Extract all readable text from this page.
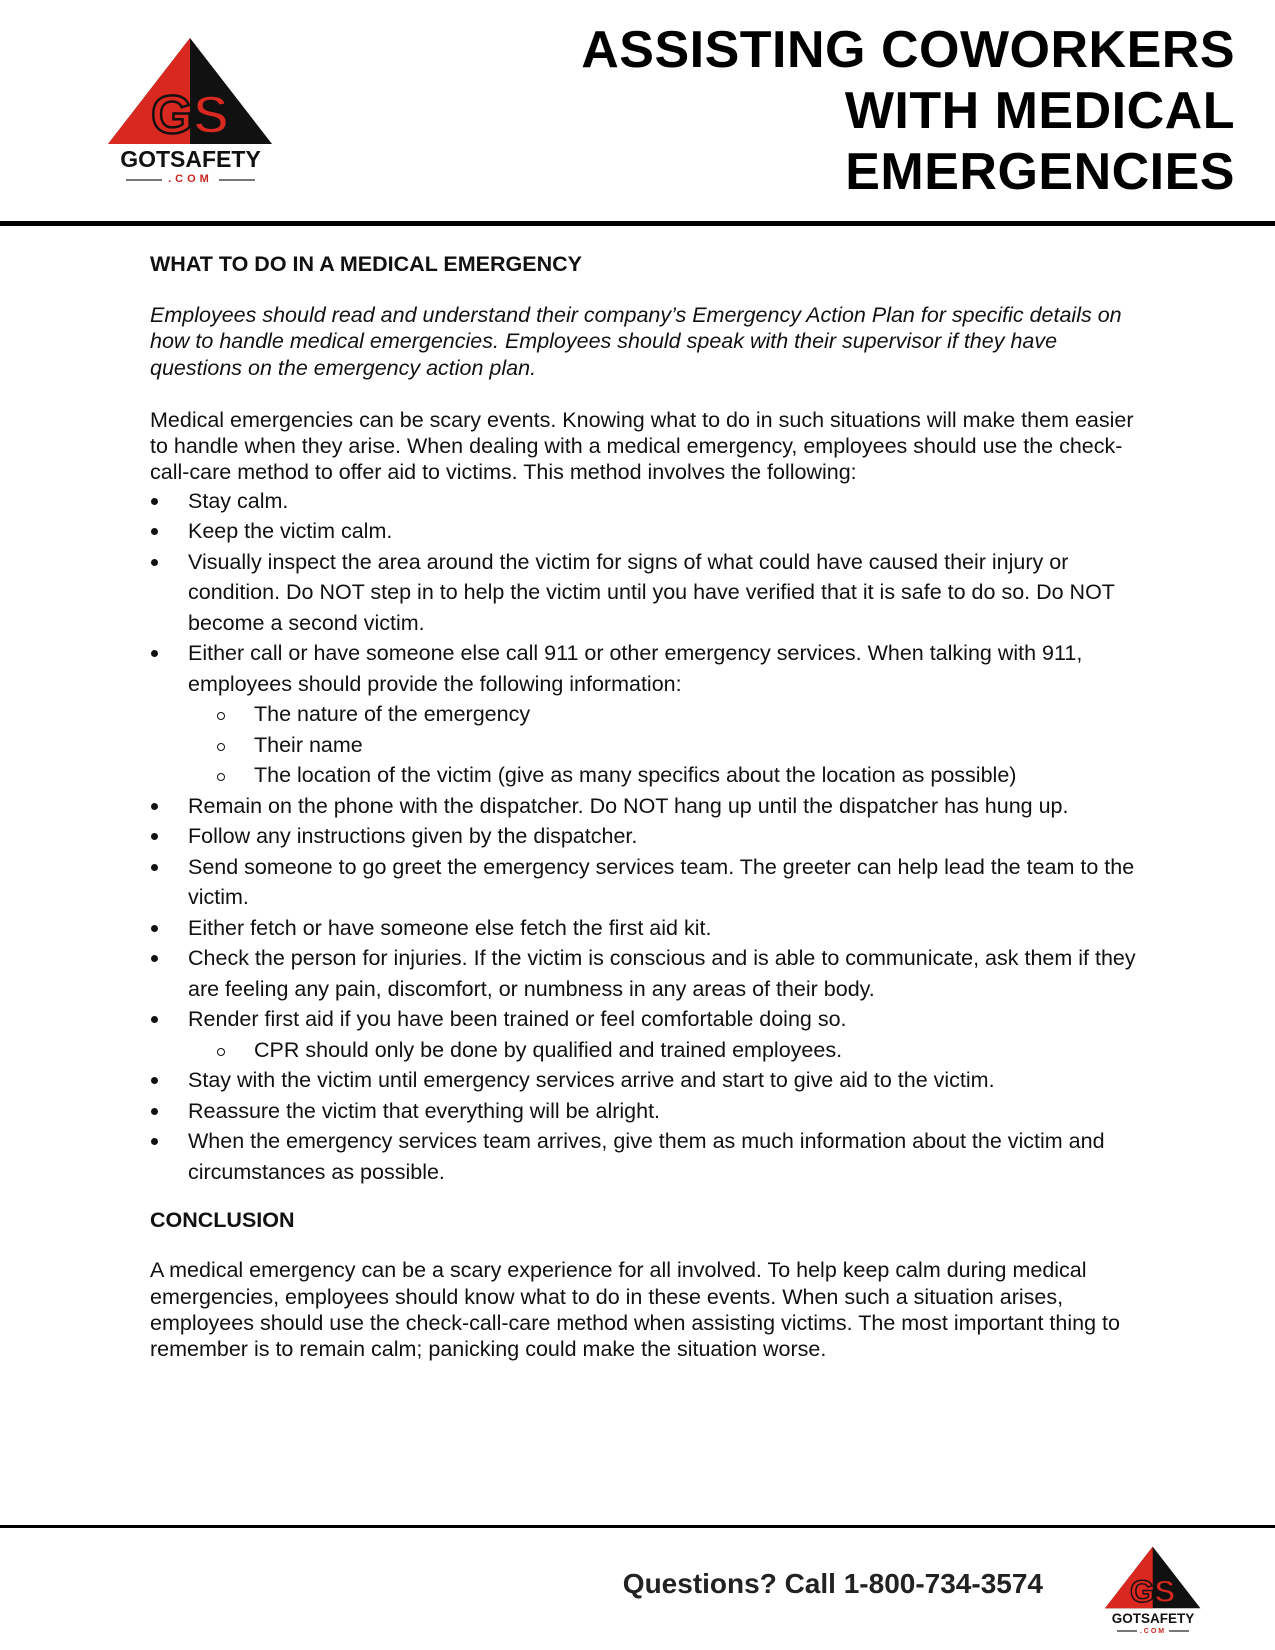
GS
GOTSAFETY
.COM
ASSISTING COWORKERS
WITH MEDICAL
EMERGENCIES
WHAT TO DO IN A MEDICAL EMERGENCY

Employees should read and understand their company’s Emergency Action Plan for specific details on how to handle medical emergencies. Employees should speak with their supervisor if they have questions on the emergency action plan.

Medical emergencies can be scary events. Knowing what to do in such situations will make them easier to handle when they arise. When dealing with a medical emergency, employees should use the check-call-care method to offer aid to victims. This method involves the following:

Stay calm.
Keep the victim calm.
Visually inspect the area around the victim for signs of what could have caused their injury or condition. Do NOT step in to help the victim until you have verified that it is safe to do so. Do NOT become a second victim.
Either call or have someone else call 911 or other emergency services. When talking with 911, employees should provide the following information:
The nature of the emergency
Their name
The location of the victim (give as many specifics about the location as possible)
Remain on the phone with the dispatcher. Do NOT hang up until the dispatcher has hung up.
Follow any instructions given by the dispatcher.
Send someone to go greet the emergency services team. The greeter can help lead the team to the victim.
Either fetch or have someone else fetch the first aid kit.
Check the person for injuries. If the victim is conscious and is able to communicate, ask them if they are feeling any pain, discomfort, or numbness in any areas of their body.
Render first aid if you have been trained or feel comfortable doing so.
CPR should only be done by qualified and trained employees.
Stay with the victim until emergency services arrive and start to give aid to the victim.
Reassure the victim that everything will be alright.
When the emergency services team arrives, give them as much information about the victim and circumstances as possible.
CONCLUSION

A medical emergency can be a scary experience for all involved. To help keep calm during medical emergencies, employees should know what to do in these events. When such a situation arises, employees should use the check-call-care method when assisting victims. The most important thing to remember is to remain calm; panicking could make the situation worse.

Questions? Call 1-800-734-3574 GS
GOTSAFETY
.COM
